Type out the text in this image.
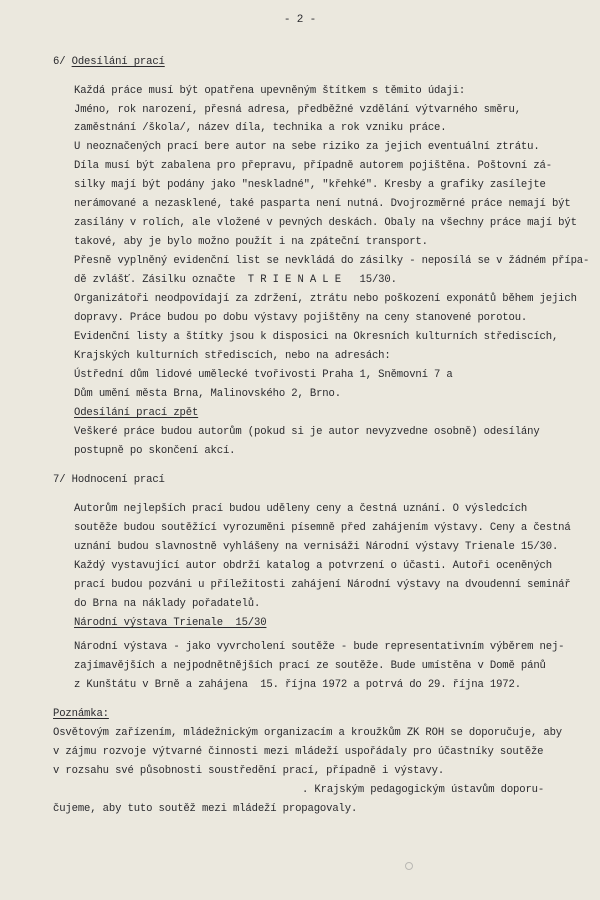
- 2 -
6/ Odesílání prací
Každá práce musí být opatřena upevněným štítkem s těmito údaji:
Jméno, rok narození, přesná adresa, předběžné vzdělání výtvarného směru,
zaměstnání /škola/, název díla, technika a rok vzniku práce.
U neoznačených prací bere autor na sebe riziko za jejich eventuální ztrátu.
Díla musí být zabalena pro přepravu, případně autorem pojištěna. Poštovní zá-
silky mají být podány jako "neskladné", "křehké". Kresby a grafiky zasílejte
nerámované a nezasklené, také pasparta není nutná. Dvojrozměrné práce nemají být
zasílány v rolích, ale vložené v pevných deskách. Obaly na všechny práce mají být
takové, aby je bylo možno použít i na zpáteční transport.
Přesně vyplněný evidenční list se nevkládá do zásilky - neposílá se v žádném přípa-
dě zvlášť. Zásilku označte  T R I E N A L E   15/30.
Organizátoři neodpovídají za zdržení, ztrátu nebo poškození exponátů během jejich
dopravy. Práce budou po dobu výstavy pojištěny na ceny stanovené porotou.
Evidenční listy a štítky jsou k disposici na Okresních kulturních střediscích,
Krajských kulturních střediscích, nebo na adresách:
Ústřední dům lidové umělecké tvořivosti Praha 1, Sněmovní 7 a
Dům umění města Brna, Malinovského 2, Brno.
Odesílání prací zpět
Veškeré práce budou autorům (pokud si je autor nevyzvedne osobně) odesílány
postupně po skončení akcí.
7/ Hodnocení prací
Autorům nejlepších prací budou uděleny ceny a čestná uznání. O výsledcích
soutěže budou soutěžící vyrozuměni písemně před zahájením výstavy. Ceny a čestná
uznání budou slavnostně vyhlášeny na vernisáži Národní výstavy Trienale 15/30.
Každý vystavující autor obdrží katalog a potvrzení o účasti. Autoři oceněných
prací budou pozváni u příležitosti zahájení Národní výstavy na dvoudenní seminář
do Brna na náklady pořadatelů.
Národní výstava Trienale  15/30
Národní výstava - jako vyvrcholení soutěže - bude representativním výběrem nej-
zajímavějších a nejpodnětnějších prací ze soutěže. Bude umístěna v Domě pánů
z Kunštátu v Brně a zahájena  15. října 1972 a potrvá do 29. října 1972.
Poznámka:
Osvětovým zařízením, mládežnickým organizacím a kroužkům ZK ROH se doporučuje, aby
v zájmu rozvoje výtvarné činnosti mezi mládeží uspořádaly pro účastníky soutěže
v rozsahu své působnosti soustředění prací, případně i výstavy.
. Krajským pedagogickým ústavům doporu-
čujeme, aby tuto soutěž mezi mládeží propagovaly.
